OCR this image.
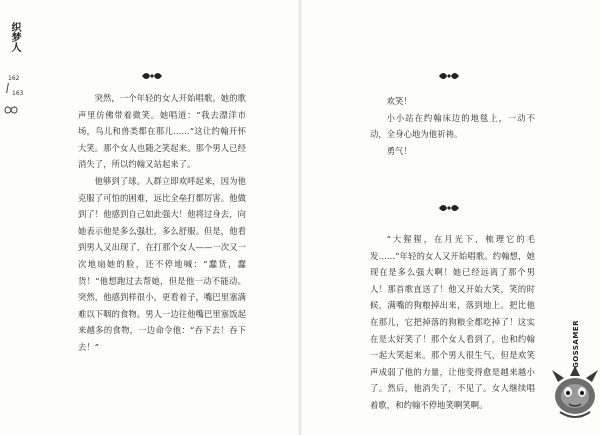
织梦人
162
163	突然，一个年轻的女人开始唱歌。她的歌声里仿佛带着微笑。她唱道：“我去漂洋市场，鸟儿和兽类都在那儿……”这让约翰开怀大笑。那个女人也随之笑起来。那个男人已经消失了，所以约翰又站起来了。

他够到了球。人群立即欢呼起来，因为他克服了可怕的困难，远比全垒打都厉害。他做到了！他感到自己如此强大！他将过身去，向她表示他是多么强壮，多么舒服。但是，他看到男人又出现了，在打那个女人——一次又一次地扇她的脸，还不停地喊：“蠢货，蠢货！”他想跑过去帮她，但是他一动不能动。突然，他感到样很小，更看着子，嘴巴里塞满难以下咽的食物。男人一边往他嘴巴里塞饭起来越多的食物，一边命令他：“吞下去！吞下去！”

欢笑！

小小站在约翰床边的地毯上，一动不动，全身心地为他祈祷。

勇气！

“大猩猩，在月光下，梳理它的毛发……”年轻的女人又开始唱歌。约翰想，她现在是多么强大啊！她已经远离了那个男人！那首歌直送了！他又开始大笑，笑的时候，满嘴的狗粮掉出来，落到地上。把比他在那儿，它把掉落的狗粮全都吃掉了！这实在是太好笑了！那个女人看到了，也和约翰一起大笑起来。那个男人很生气，但是欢笑声成弱了他的力量，让他变得愈是越来越小了。然后，他消失了，不见了。女人继续唱着歌，和约翰不停地笑啊笑啊。

GOSSAMER
